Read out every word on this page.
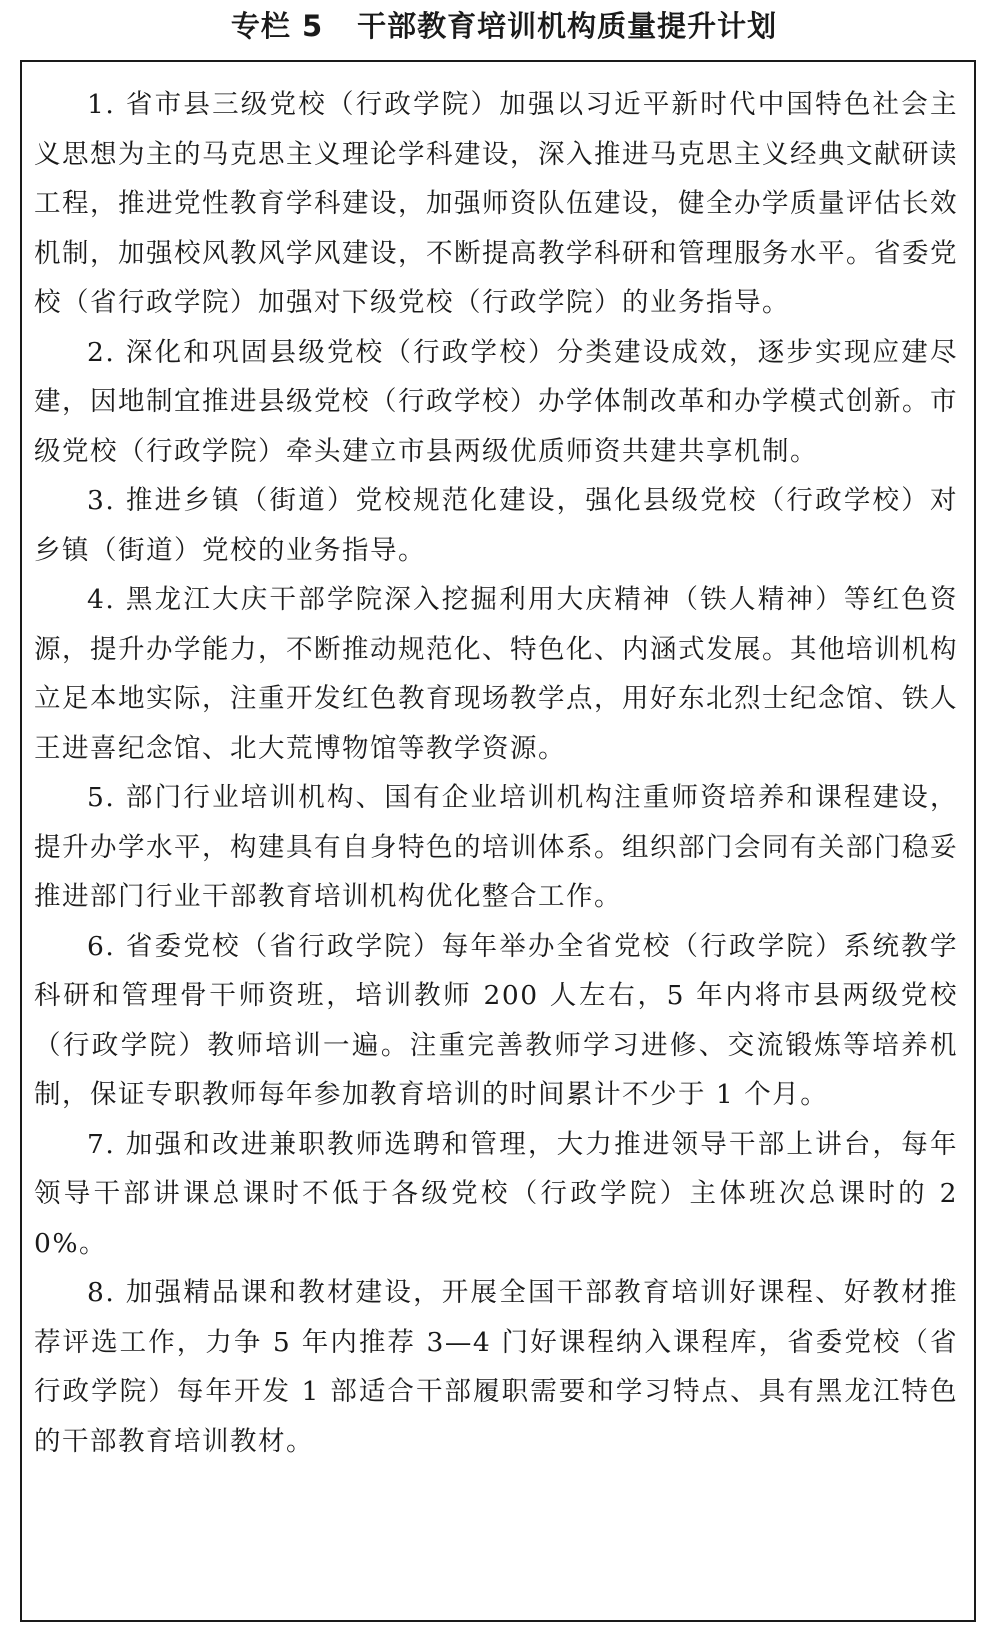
专栏 5 干部教育培训机构质量提升计划

1. 省市县三级党校（行政学院）加强以习近平新时代中国特色社会主义思想为主的马克思主义理论学科建设，深入推进马克思主义经典文献研读工程，推进党性教育学科建设，加强师资队伍建设，健全办学质量评估长效机制，加强校风教风学风建设，不断提高教学科研和管理服务水平。省委党校（省行政学院）加强对下级党校（行政学院）的业务指导。

2. 深化和巩固县级党校（行政学校）分类建设成效，逐步实现应建尽建，因地制宜推进县级党校（行政学校）办学体制改革和办学模式创新。市级党校（行政学院）牵头建立市县两级优质师资共建共享机制。

3. 推进乡镇（街道）党校规范化建设，强化县级党校（行政学校）对乡镇（街道）党校的业务指导。

4. 黑龙江大庆干部学院深入挖掘利用大庆精神（铁人精神）等红色资源，提升办学能力，不断推动规范化、特色化、内涵式发展。其他培训机构立足本地实际，注重开发红色教育现场教学点，用好东北烈士纪念馆、铁人王进喜纪念馆、北大荒博物馆等教学资源。

5. 部门行业培训机构、国有企业培训机构注重师资培养和课程建设，提升办学水平，构建具有自身特色的培训体系。组织部门会同有关部门稳妥推进部门行业干部教育培训机构优化整合工作。

6. 省委党校（省行政学院）每年举办全省党校（行政学院）系统教学科研和管理骨干师资班，培训教师 200 人左右，5 年内将市县两级党校（行政学院）教师培训一遍。注重完善教师学习进修、交流锻炼等培养机制，保证专职教师每年参加教育培训的时间累计不少于 1 个月。

7. 加强和改进兼职教师选聘和管理，大力推进领导干部上讲台，每年领导干部讲课总课时不低于各级党校（行政学院）主体班次总课时的 20%。

8. 加强精品课和教材建设，开展全国干部教育培训好课程、好教材推荐评选工作，力争 5 年内推荐 3—4 门好课程纳入课程库，省委党校（省行政学院）每年开发 1 部适合干部履职需要和学习特点、具有黑龙江特色的干部教育培训教材。
